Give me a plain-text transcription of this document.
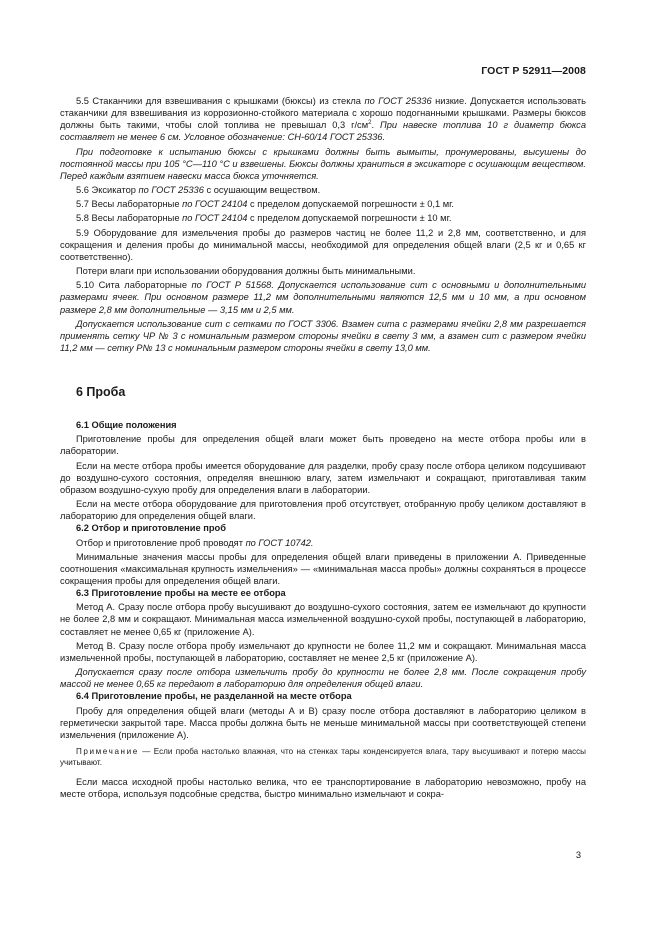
ГОСТ Р 52911—2008

5.5 Стаканчики для взвешивания с крышками (бюксы) из стекла по ГОСТ 25336 низкие. Допускается использовать стаканчики для взвешивания из коррозионно-стойкого материала с хорошо подогнанными крышками. Размеры бюксов должны быть такими, чтобы слой топлива не превышал 0,3 $г/см^2$. При навеске топлива 10 г диаметр бюкса составляет не менее 6 см. Условное обозначение: СН-60/14 ГОСТ 25336.

При подготовке к испытанию бюксы с крышками должны быть вымыты, пронумерованы, высушены до постоянной массы при 105 °С—110 °С и взвешены. Бюксы должны храниться в эксикаторе с осушающим веществом. Перед каждым взятием навески масса бюкса уточняется.

5.6 Эксикатор по ГОСТ 25336 с осушающим веществом.

5.7 Весы лабораторные по ГОСТ 24104 с пределом допускаемой погрешности ± 0,1 мг.

5.8 Весы лабораторные по ГОСТ 24104 с пределом допускаемой погрешности ± 10 мг.

5.9 Оборудование для измельчения пробы до размеров частиц не более 11,2 и 2,8 мм, соответственно, и для сокращения и деления пробы до минимальной массы, необходимой для определения общей влаги (2,5 кг и 0,65 кг соответственно).

Потери влаги при использовании оборудования должны быть минимальными.

5.10 Сита лабораторные по ГОСТ Р 51568. Допускается использование сит с основными и дополнительными размерами ячеек. При основном размере 11,2 мм дополнительными являются 12,5 мм и 10 мм, а при основном размере 2,8 мм дополнительные — 3,15 мм и 2,5 мм.

Допускается использование сит с сетками по ГОСТ 3306. Взамен сита с размерами ячейки 2,8 мм разрешается применять сетку ЧР № 3 с номинальным размером стороны ячейки в свету 3 мм, а взамен сит с размером ячейки 11,2 мм — сетку Р№ 13 с номинальным размером стороны ячейки в свету 13,0 мм.

6 Проба

6.1 Общие положения

Приготовление пробы для определения общей влаги может быть проведено на месте отбора пробы или в лаборатории.

Если на месте отбора пробы имеется оборудование для разделки, пробу сразу после отбора целиком подсушивают до воздушно-сухого состояния, определяя внешнюю влагу, затем измельчают и сокращают, приготавливая таким образом воздушно-сухую пробу для определения влаги в лаборатории.

Если на месте отбора оборудование для приготовления проб отсутствует, отобранную пробу целиком доставляют в лабораторию для определения общей влаги.

6.2 Отбор и приготовление проб

Отбор и приготовление проб проводят по ГОСТ 10742.

Минимальные значения массы пробы для определения общей влаги приведены в приложении А. Приведенные соотношения «максимальная крупность измельчения» — «минимальная масса пробы» должны сохраняться в процессе сокращения пробы для определения общей влаги.

6.3 Приготовление пробы на месте ее отбора

Метод А. Сразу после отбора пробу высушивают до воздушно-сухого состояния, затем ее измельчают до крупности не более 2,8 мм и сокращают. Минимальная масса измельченной воздушно-сухой пробы, поступающей в лабораторию, составляет не менее 0,65 кг (приложение А).

Метод В. Сразу после отбора пробу измельчают до крупности не более 11,2 мм и сокращают. Минимальная масса измельченной пробы, поступающей в лабораторию, составляет не менее 2,5 кг (приложение А).

Допускается сразу после отбора измельчить пробу до крупности не более 2,8 мм. После сокращения пробу массой не менее 0,65 кг передают в лабораторию для определения общей влаги.

6.4 Приготовление пробы, не разделанной на месте отбора

Пробу для определения общей влаги (методы А и В) сразу после отбора доставляют в лабораторию целиком в герметически закрытой таре. Масса пробы должна быть не меньше минимальной массы при соответствующей степени измельчения (приложение А).

Примечание — Если проба настолько влажная, что на стенках тары конденсируется влага, тару высушивают и потерю массы учитывают.

Если масса исходной пробы настолько велика, что ее транспортирование в лабораторию невозможно, пробу на месте отбора, используя подсобные средства, быстро минимально измельчают и сокра-

3
